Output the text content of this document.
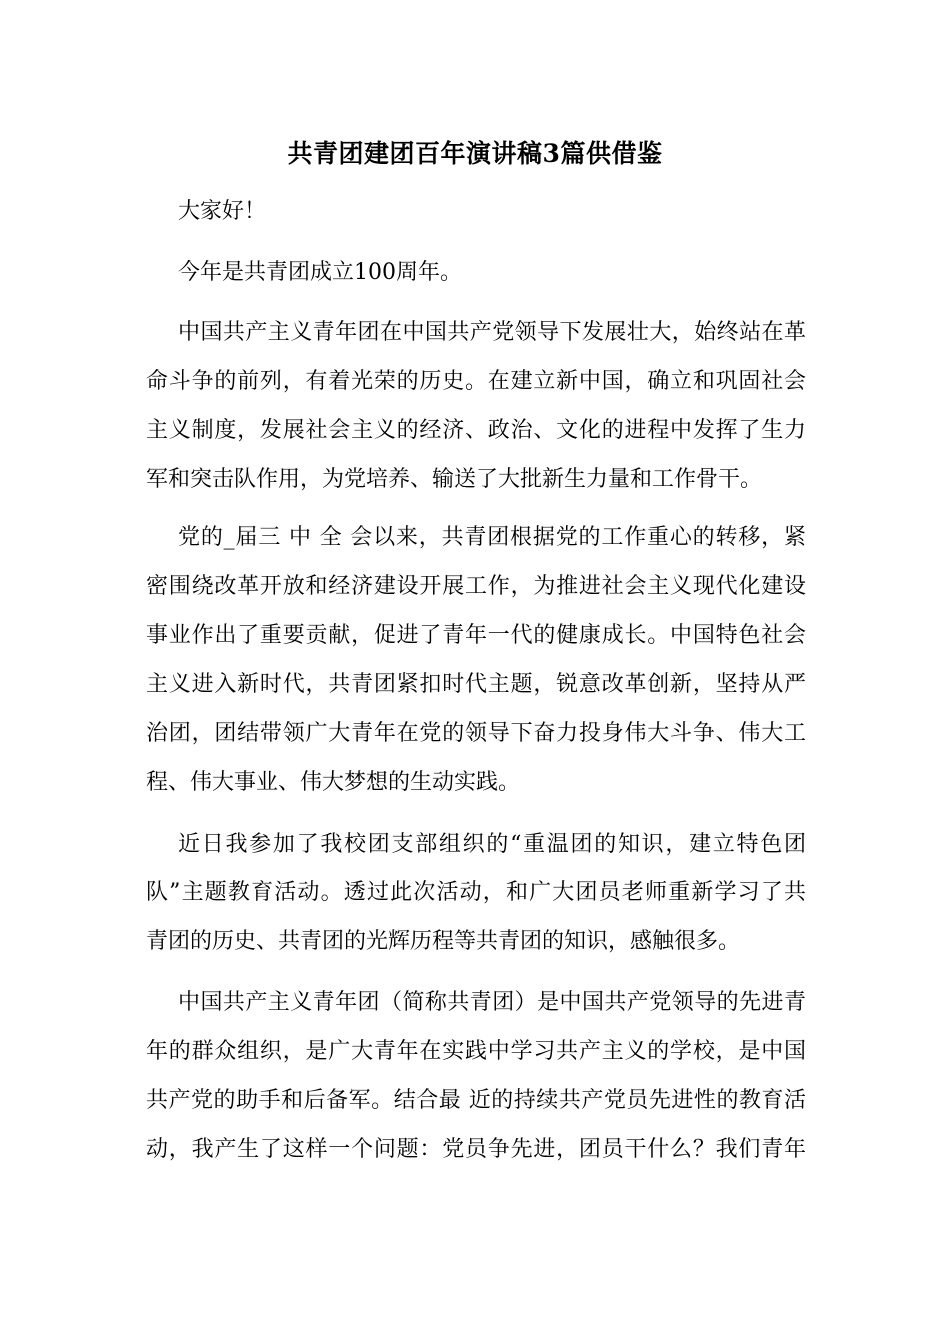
共青团建团百年演讲稿3篇供借鉴
大家好！
今年是共青团成立100周年。
中国共产主义青年团在中国共产党领导下发展壮大，始终站在革
命斗争的前列，有着光荣的历史。在建立新中国，确立和巩固社会
主义制度，发展社会主义的经济、政治、文化的进程中发挥了生力
军和突击队作用，为党培养、输送了大批新生力量和工作骨干。
党的_届三 中 全 会以来，共青团根据党的工作重心的转移，紧
密围绕改革开放和经济建设开展工作，为推进社会主义现代化建设
事业作出了重要贡献，促进了青年一代的健康成长。中国特色社会
主义进入新时代，共青团紧扣时代主题，锐意改革创新，坚持从严
治团，团结带领广大青年在党的领导下奋力投身伟大斗争、伟大工
程、伟大事业、伟大梦想的生动实践。
近日我参加了我校团支部组织的“重温团的知识，建立特色团
队”主题教育活动。透过此次活动，和广大团员老师重新学习了共
青团的历史、共青团的光辉历程等共青团的知识，感触很多。
中国共产主义青年团（简称共青团）是中国共产党领导的先进青
年的群众组织，是广大青年在实践中学习共产主义的学校，是中国
共产党的助手和后备军。结合最 近的持续共产党员先进性的教育活
动，我产生了这样一个问题：党员争先进，团员干什么？我们青年
